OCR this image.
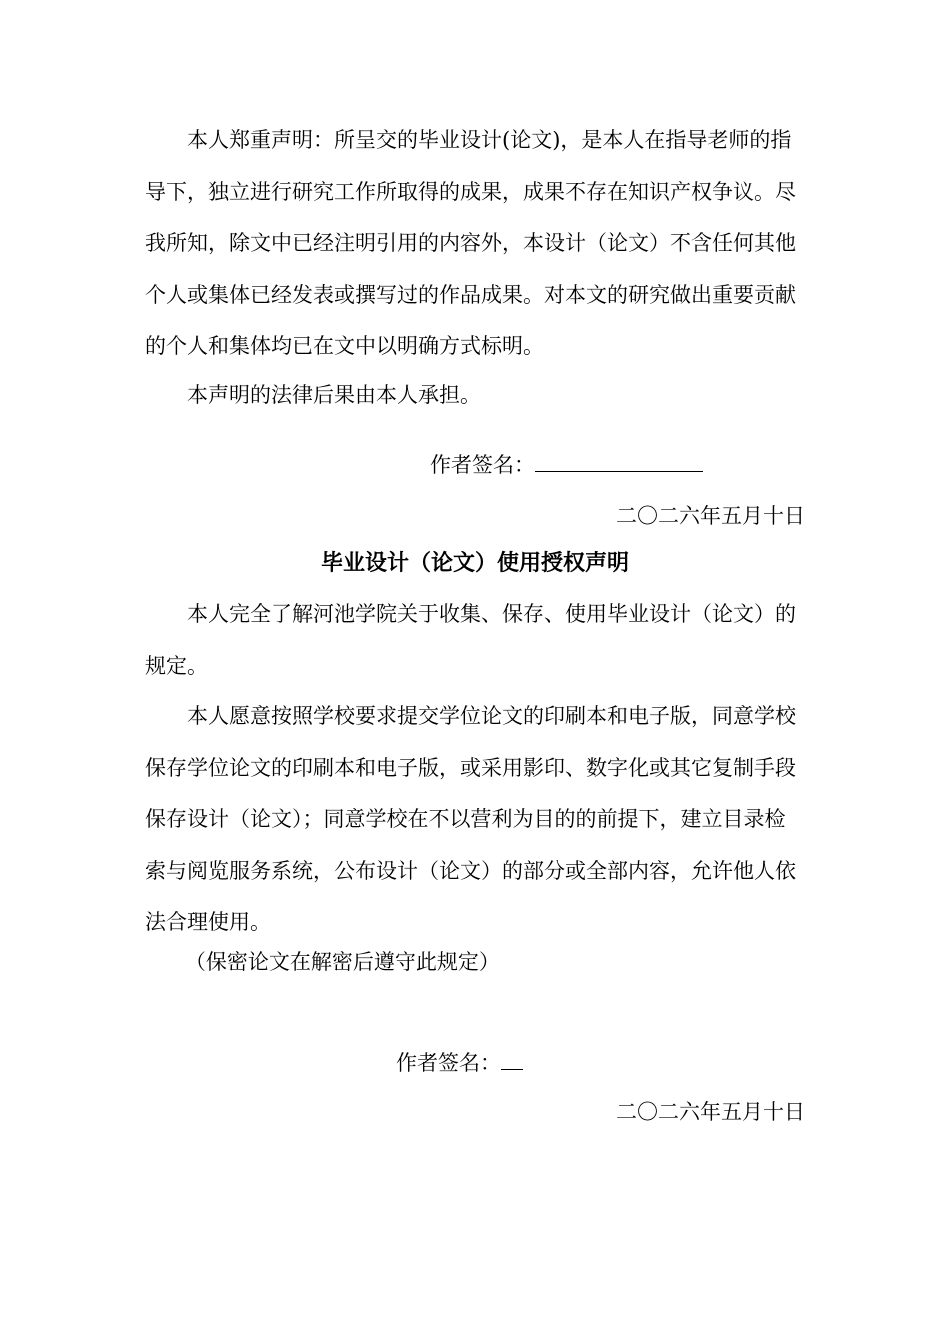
本人郑重声明：所呈交的毕业设计(论文)，是本人在指导老师的指导下，独立进行研究工作所取得的成果，成果不存在知识产权争议。尽我所知，除文中已经注明引用的内容外，本设计（论文）不含任何其他个人或集体已经发表或撰写过的作品成果。对本文的研究做出重要贡献的个人和集体均已在文中以明确方式标明。

本声明的法律后果由本人承担。

作者签名：

二〇二六年五月十日

毕业设计（论文）使用授权声明

本人完全了解河池学院关于收集、保存、使用毕业设计（论文）的规定。

本人愿意按照学校要求提交学位论文的印刷本和电子版，同意学校保存学位论文的印刷本和电子版，或采用影印、数字化或其它复制手段保存设计（论文）；同意学校在不以营利为目的的前提下，建立目录检索与阅览服务系统，公布设计（论文）的部分或全部内容，允许他人依法合理使用。

（保密论文在解密后遵守此规定）

作者签名：

二〇二六年五月十日
